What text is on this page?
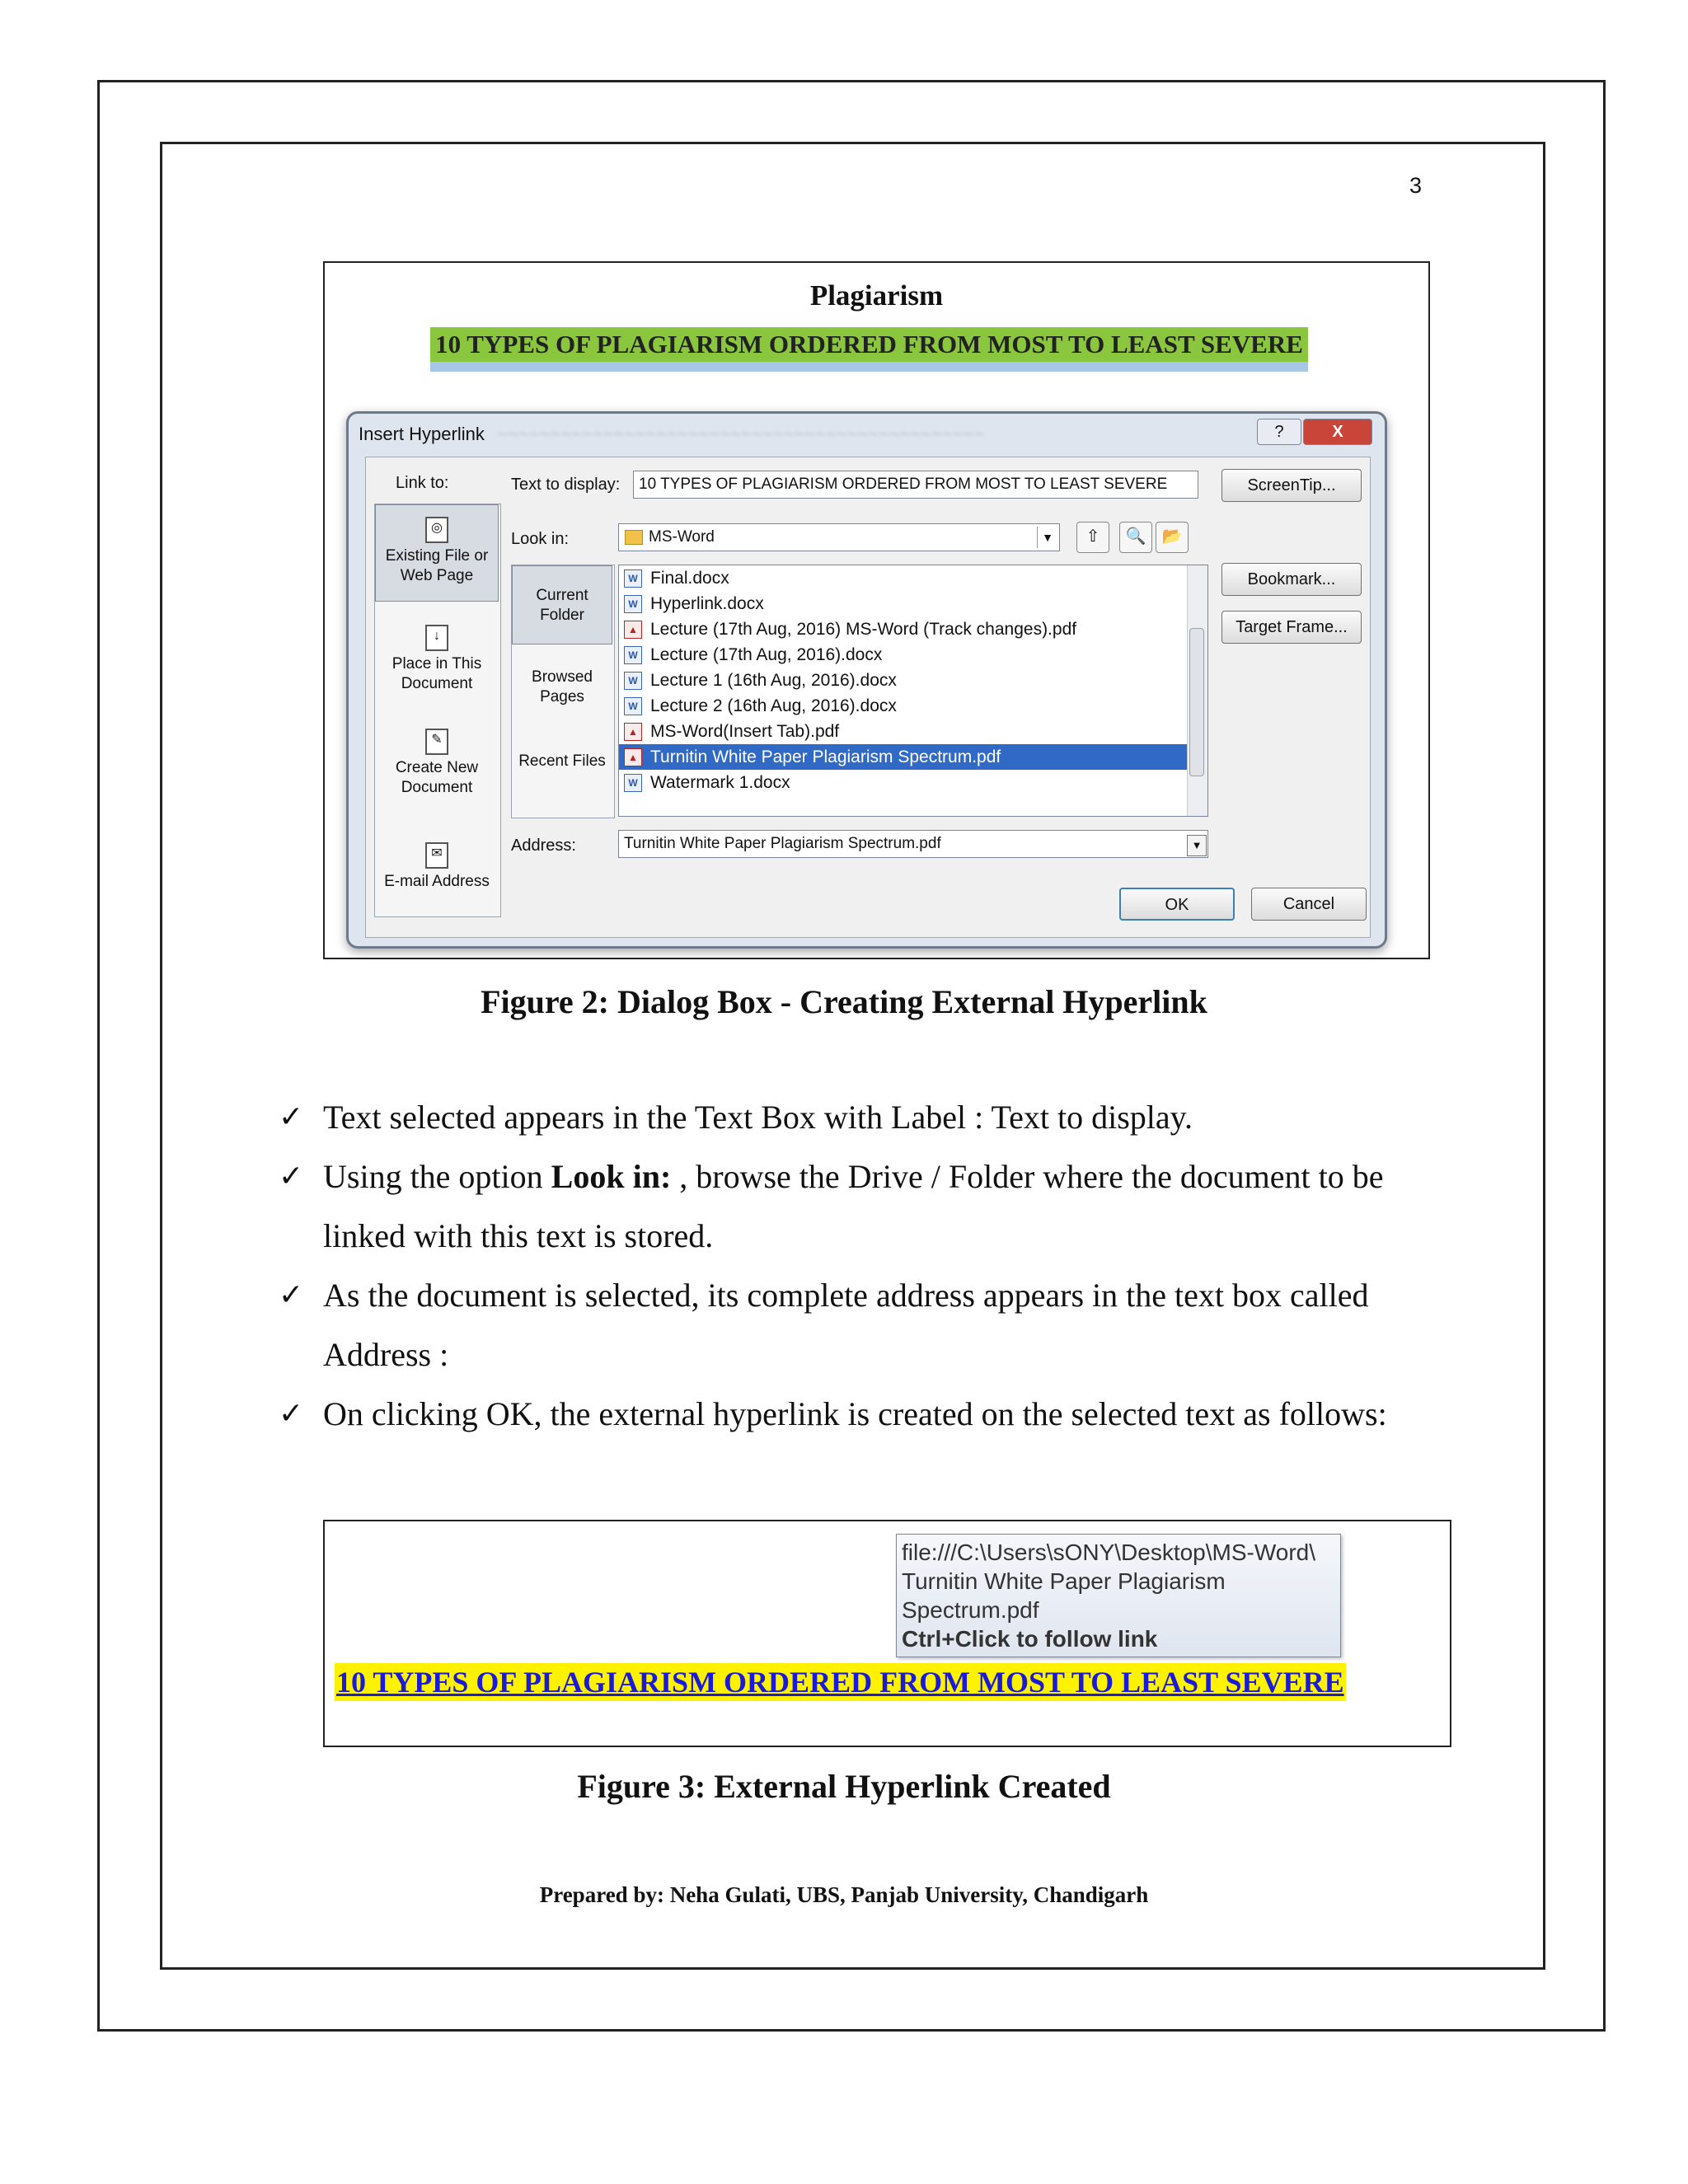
3
Plagiarism
10 TYPES OF PLAGIARISM ORDERED FROM MOST TO LEAST SEVERE
Insert Hyperlink ~~~~~~~~~~~~~~~~~~~~~~~~~~~~~~~~~~~~~~~~~~~~~~	?	X
Link to:
◎
Existing File or Web Page
↓
Place in This Document
✎
Create New Document
✉
E-mail Address
Text to display:	10 TYPES OF PLAGIARISM ORDERED FROM MOST TO LEAST SEVERE	ScreenTip...
Look in:	MS-Word	▼	⇧	🔍 📂
Current Folder
Browsed Pages
Recent Files
W Final.docx
W Hyperlink.docx
▲ Lecture (17th Aug, 2016) MS-Word (Track changes).pdf
W Lecture (17th Aug, 2016).docx
W Lecture 1 (16th Aug, 2016).docx
W Lecture 2 (16th Aug, 2016).docx
▲ MS-Word(Insert Tab).pdf
▲ Turnitin White Paper Plagiarism Spectrum.pdf
W Watermark 1.docx
Bookmark...
Target Frame...
Address:	Turnitin White Paper Plagiarism Spectrum.pdf	▼
OK	Cancel
Figure 2: Dialog Box - Creating External Hyperlink
✓ Text selected appears in the Text Box with Label : Text to display.
✓ Using the option Look in: , browse the Drive / Folder where the document to be linked with this text is stored.
✓ As the document is selected, its complete address appears in the text box called Address :
✓ On clicking OK, the external hyperlink is created on the selected text as follows:
file:///C:\Users\sONY\Desktop\MS-Word\
Turnitin White Paper Plagiarism
Spectrum.pdf
Ctrl+Click to follow link
10 TYPES OF PLAGIARISM ORDERED FROM MOST TO LEAST SEVERE
Figure 3: External Hyperlink Created
Prepared by: Neha Gulati, UBS, Panjab University, Chandigarh
